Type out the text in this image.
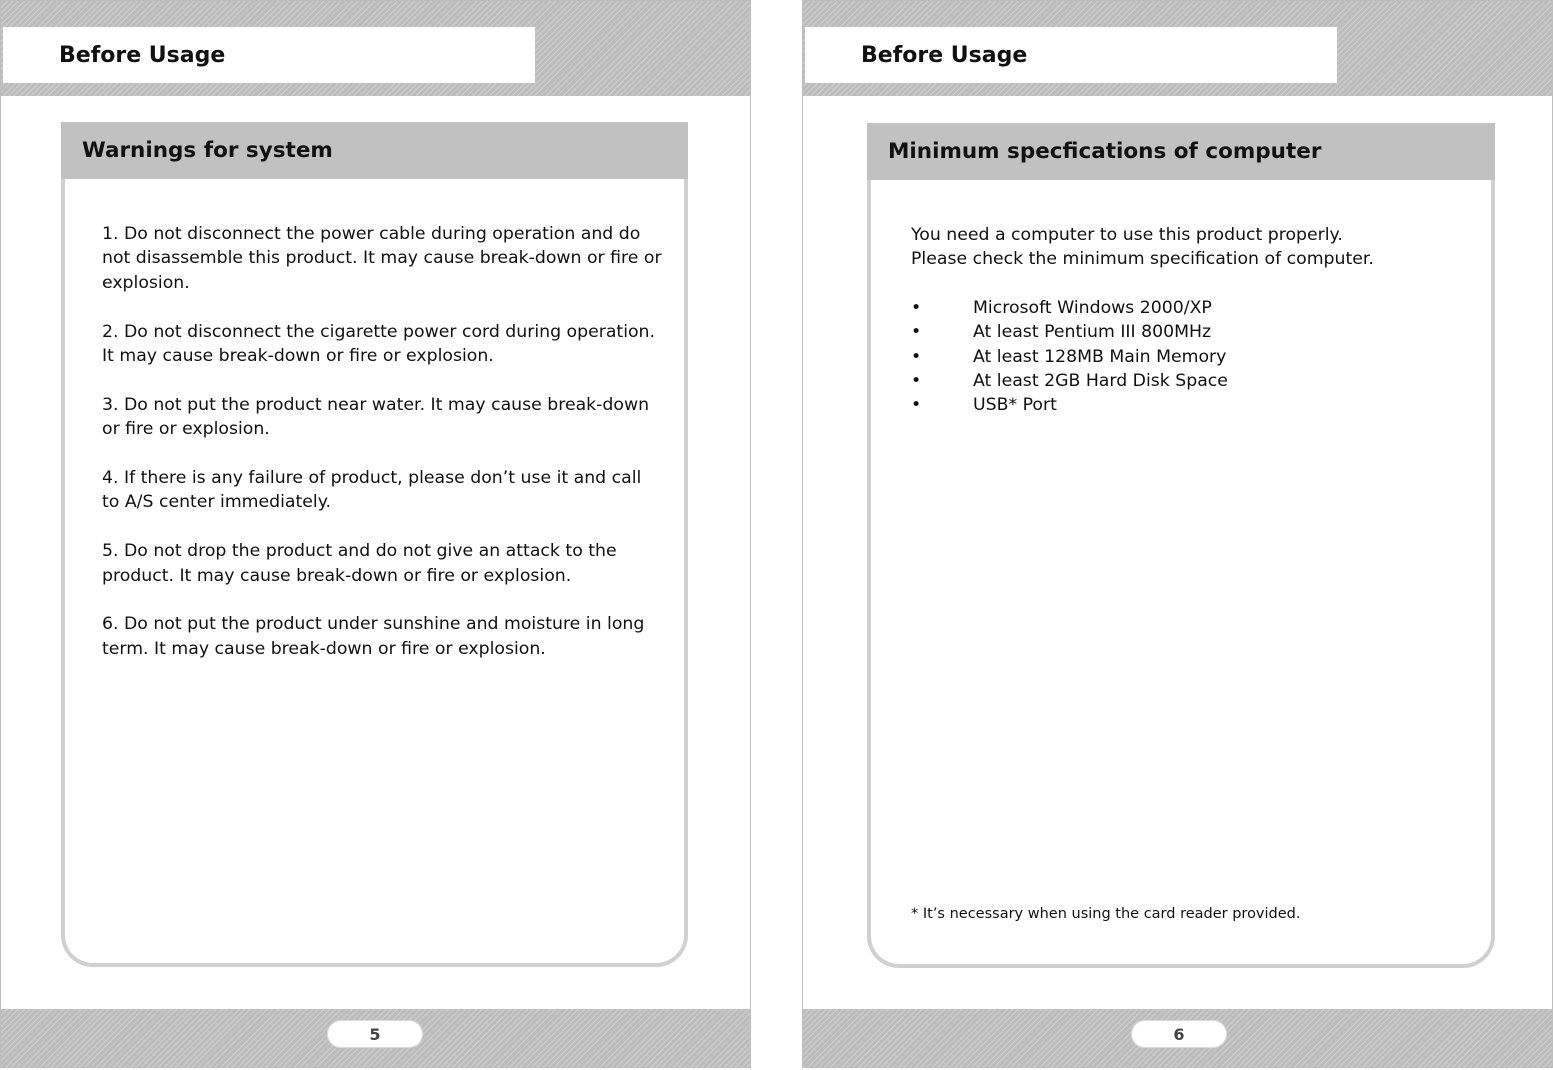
Before Usage
Warnings for system

1. Do not disconnect the power cable during operation and do not disassemble this product. It may cause break-down or fire or explosion.

2. Do not disconnect the cigarette power cord during operation. It may cause break-down or fire or explosion.

3. Do not put the product near water. It may cause break-down or fire or explosion.

4. If there is any failure of product, please don’t use it and call to A/S center immediately.

5. Do not drop the product and do not give an attack to the product. It may cause break-down or fire or explosion.

6. Do not put the product under sunshine and moisture in long term. It may cause break-down or fire or explosion.

5
Before Usage
Minimum specfications of computer

You need a computer to use this product properly.

Please check the minimum specification of computer.

•	Microsoft Windows 2000/XP
•	At least Pentium III 800MHz
•	At least 128MB Main Memory
•	At least 2GB Hard Disk Space
•	USB* Port
* It’s necessary when using the card reader provided.
6
